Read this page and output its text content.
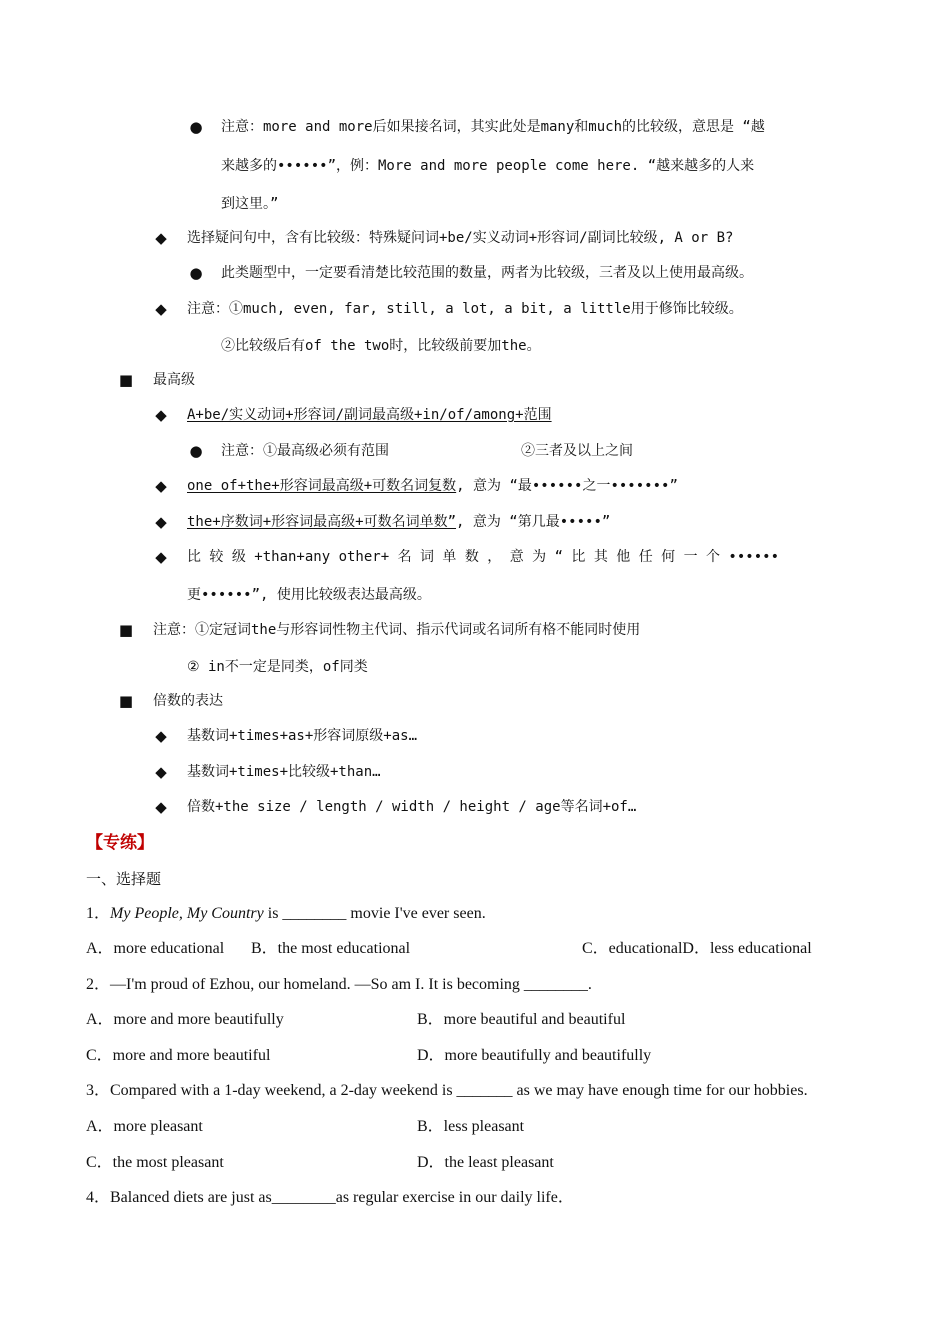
● 注意：more and more后如果接名词，其实此处是many和much的比较级，意思是 “越
来越多的••••••”，例：More and more people come here. “越来越多的人来
到这里。”
◆	选择疑问句中，含有比较级：特殊疑问词+be/实义动词+形容词/副词比较级, A or B?
● 此类题型中，一定要看清楚比较范围的数量，两者为比较级，三者及以上使用最高级。
◆	注意：①much, even, far, still, a lot, a bit, a little用于修饰比较级。
②比较级后有of the two时，比较级前要加the。
■ 最高级
◆	A+be/实义动词+形容词/副词最高级+in/of/among+范围
● 注意：①最高级必须有范围	②三者及以上之间
◆	one of+the+形容词最高级+可数名词复数, 意为 “最••••••之一•••••••”
◆	the+序数词+形容词最高级+可数名词单数”, 意为 “第几最•••••”
◆	比 较 级 +than+any other+ 名 词 单 数 ， 意 为 “ 比 其 他 任 何 一 个 ••••••
更••••••”, 使用比较级表达最高级。
■ 注意：①定冠词the与形容词性物主代词、指示代词或名词所有格不能同时使用
② in不一定是同类，of同类
■ 倍数的表达
◆	基数词+times+as+形容词原级+as…
◆	基数词+times+比较级+than…
◆	倍数+the size / length / width / height / age等名词+of…
【专练】
一、选择题
1．My People, My Country is ________ movie I've ever seen.
A．more educational B．the most educational	C．educationalD．less educational
2．—I'm proud of Ezhou, our homeland. —So am I. It is becoming ________.
A．more and more beautifully	B．more beautiful and beautiful
C．more and more beautiful	D．more beautifully and beautifully
3．Compared with a 1-day weekend, a 2-day weekend is _______ as we may have enough time for our hobbies.
A．more pleasant	B．less pleasant
C．the most pleasant	D．the least pleasant
4．Balanced diets are just as________as regular exercise in our daily life．
